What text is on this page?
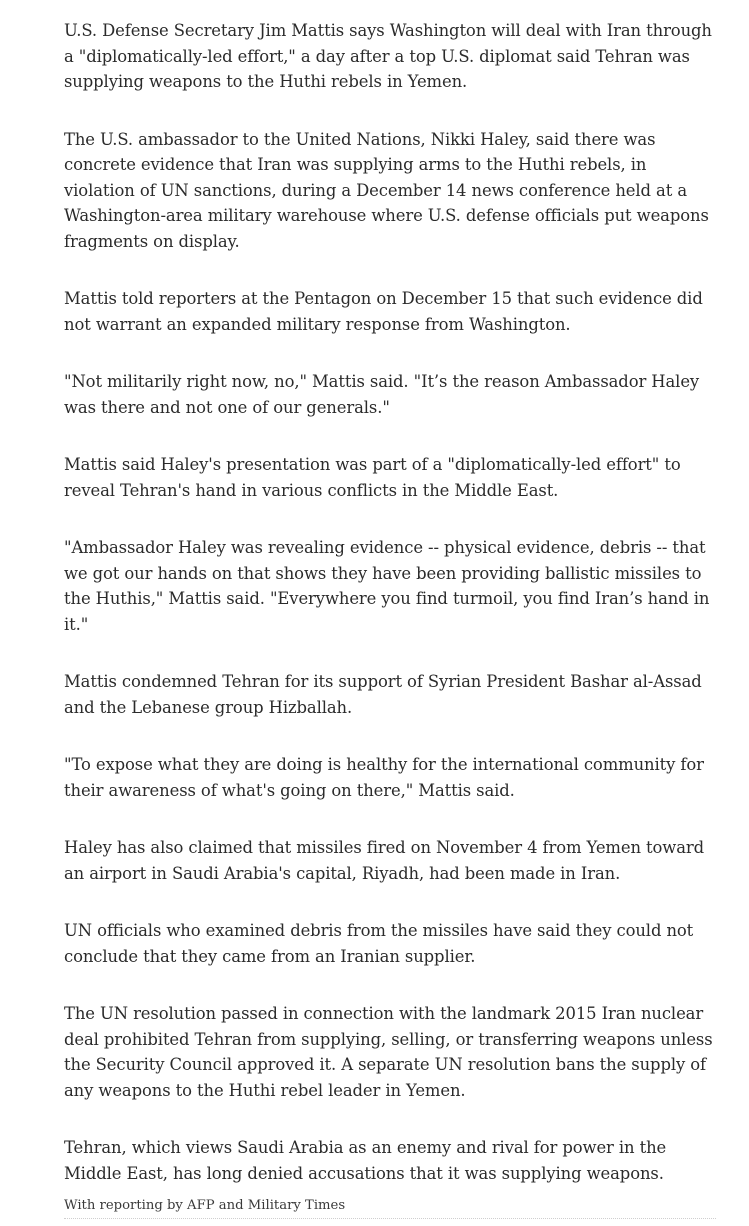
U.S. Defense Secretary Jim Mattis says Washington will deal with Iran through a "diplomatically-led effort," a day after a top U.S. diplomat said Tehran was supplying weapons to the Huthi rebels in Yemen.

The U.S. ambassador to the United Nations, Nikki Haley, said there was concrete evidence that Iran was supplying arms to the Huthi rebels, in violation of UN sanctions, during a December 14 news conference held at a Washington-area military warehouse where U.S. defense officials put weapons fragments on display.

Mattis told reporters at the Pentagon on December 15 that such evidence did not warrant an expanded military response from Washington.

"Not militarily right now, no," Mattis said. "It’s the reason Ambassador Haley was there and not one of our generals."

Mattis said Haley's presentation was part of a "diplomatically-led effort" to reveal Tehran's hand in various conflicts in the Middle East.

"Ambassador Haley was revealing evidence -- physical evidence, debris -- that we got our hands on that shows they have been providing ballistic missiles to the Huthis," Mattis said. "Everywhere you find turmoil, you find Iran’s hand in it."

Mattis condemned Tehran for its support of Syrian President Bashar al-Assad and the Lebanese group Hizballah.

"To expose what they are doing is healthy for the international community for their awareness of what's going on there," Mattis said.

Haley has also claimed that missiles fired on November 4 from Yemen toward an airport in Saudi Arabia's capital, Riyadh, had been made in Iran.

UN officials who examined debris from the missiles have said they could not conclude that they came from an Iranian supplier.

The UN resolution passed in connection with the landmark 2015 Iran nuclear deal prohibited Tehran from supplying, selling, or transferring weapons unless the Security Council approved it. A separate UN resolution bans the supply of any weapons to the Huthi rebel leader in Yemen.

Tehran, which views Saudi Arabia as an enemy and rival for power in the Middle East, has long denied accusations that it was supplying weapons.

With reporting by AFP and Military Times
